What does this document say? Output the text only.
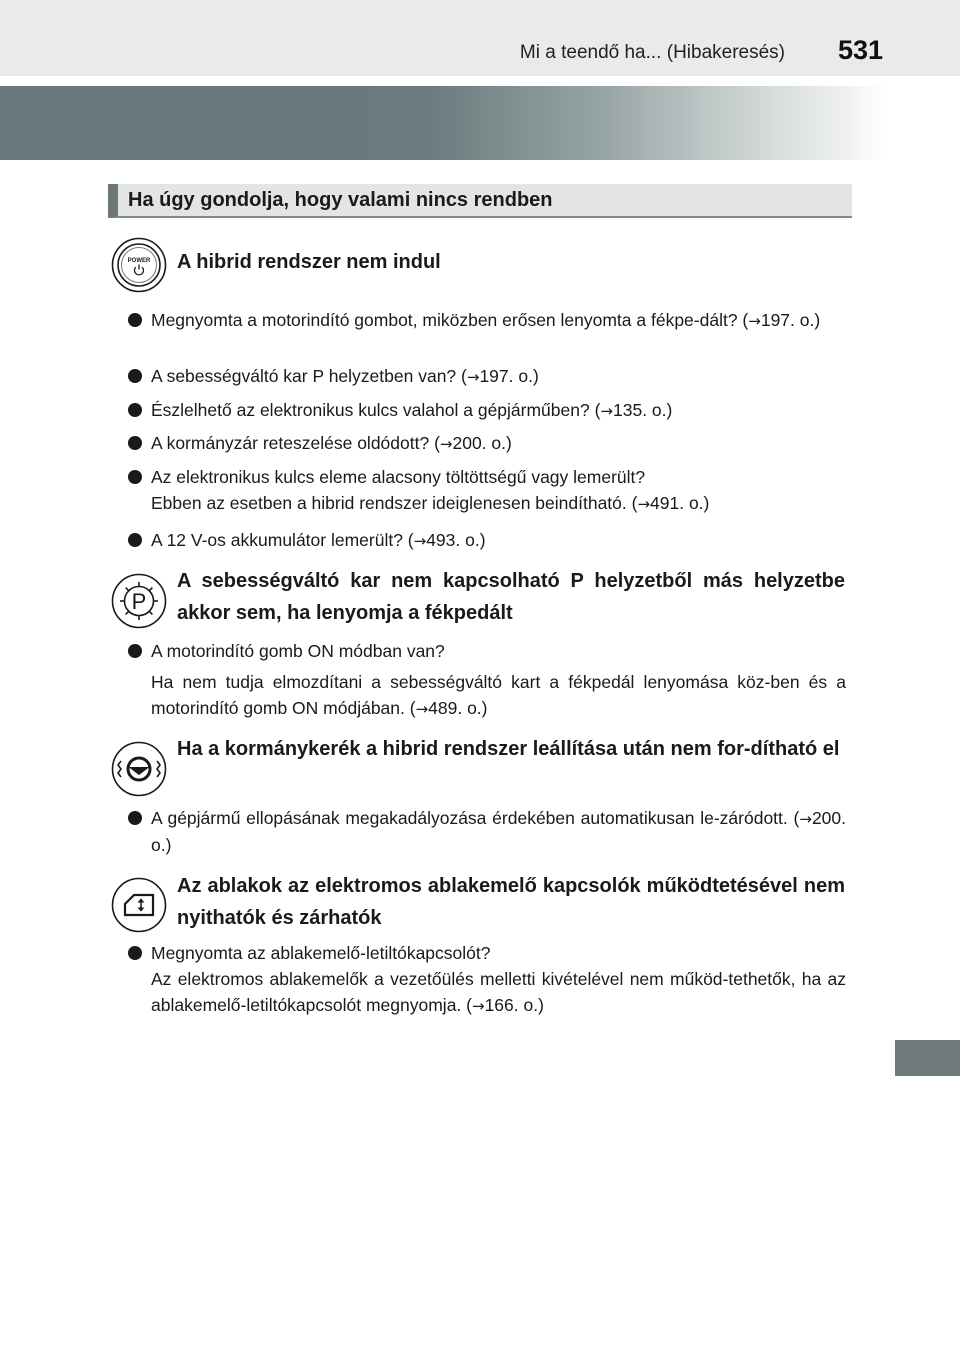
Mi a teendő ha... (Hibakeresés) 531
Ha úgy gondolja, hogy valami nincs rendben
POWER A hibrid rendszer nem indul
Megnyomta a motorindító gombot, miközben erősen lenyomta a fékpe-dált? (→197. o.)
A sebességváltó kar P helyzetben van? (→197. o.)
Észlelhető az elektronikus kulcs valahol a gépjárműben? (→135. o.)
A kormányzár reteszelése oldódott? (→200. o.)
Az elektronikus kulcs eleme alacsony töltöttségű vagy lemerült?
Ebben az esetben a hibrid rendszer ideiglenesen beindítható. (→491. o.)
A 12 V-os akkumulátor lemerült? (→493. o.)
P
A sebességváltó kar nem kapcsolható P helyzetből más helyzetbe akkor sem, ha lenyomja a fékpedált
A motorindító gomb ON módban van?
Ha nem tudja elmozdítani a sebességváltó kart a fékpedál lenyomása köz-ben és a motorindító gomb ON módjában. (→489. o.)
Ha a kormánykerék a hibrid rendszer leállítása után nem for-dítható el
A gépjármű ellopásának megakadályozása érdekében automatikusan le-záródott. (→200. o.)
Az ablakok az elektromos ablakemelő kapcsolók működtetésével nem nyithatók és zárhatók
Megnyomta az ablakemelő-letiltókapcsolót?
Az elektromos ablakemelők a vezetőülés melletti kivételével nem működ-tethetők, ha az ablakemelő-letiltókapcsolót megnyomja. (→166. o.)
